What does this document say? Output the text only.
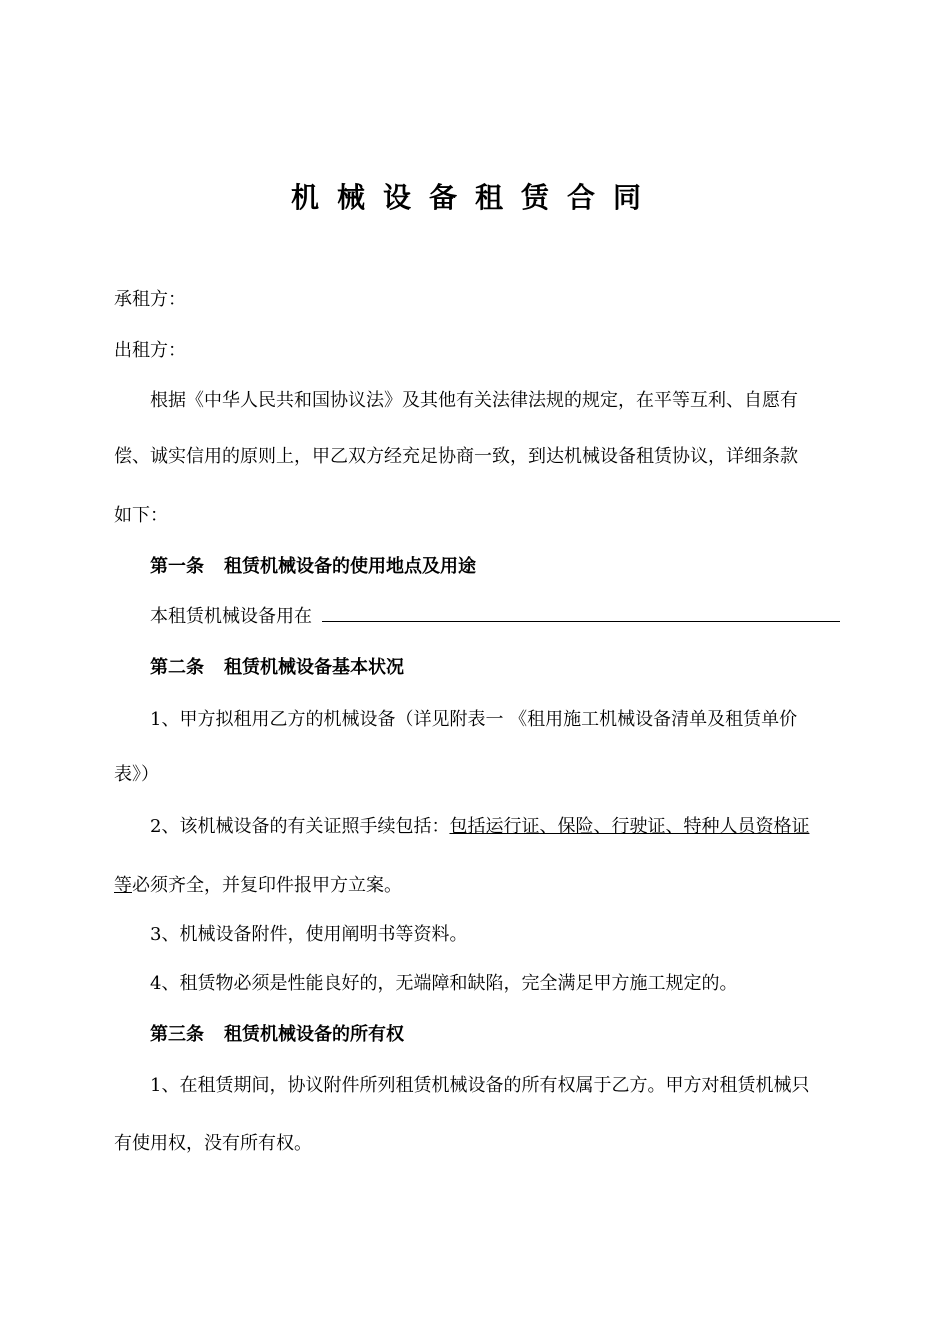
机械设备租赁合同
承租方：
出租方：
根据《中华人民共和国协议法》及其他有关法律法规的规定，在平等互利、自愿有
偿、诚实信用的原则上，甲乙双方经充足协商一致，到达机械设备租赁协议，详细条款
如下：
第一条 租赁机械设备的使用地点及用途
本租赁机械设备用在
第二条 租赁机械设备基本状况
1、甲方拟租用乙方的机械设备（详见附表一 《租用施工机械设备清单及租赁单价
表》）
2、该机械设备的有关证照手续包括：包括运行证、保险、行驶证、特种人员资格证
等必须齐全，并复印件报甲方立案。
3、机械设备附件，使用阐明书等资料。
4、租赁物必须是性能良好的，无端障和缺陷，完全满足甲方施工规定的。
第三条 租赁机械设备的所有权
1、在租赁期间，协议附件所列租赁机械设备的所有权属于乙方。甲方对租赁机械只
有使用权，没有所有权。
